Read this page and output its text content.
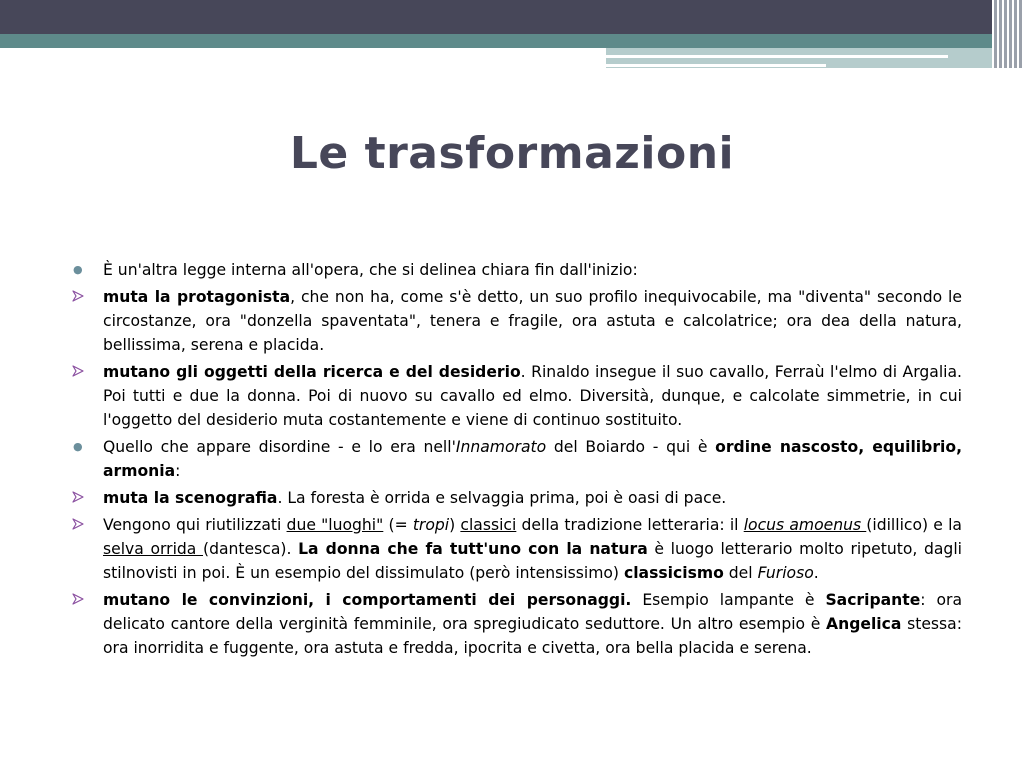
Le trasformazioni
● È un'altra legge interna all'opera, che si delinea chiara fin dall'inizio:
muta la protagonista, che non ha, come s'è detto, un suo profilo inequivocabile, ma "diventa" secondo le circostanze, ora "donzella spaventata", tenera e fragile, ora astuta e calcolatrice; ora dea della natura, bellissima, serena e placida.
mutano gli oggetti della ricerca e del desiderio. Rinaldo insegue il suo cavallo, Ferraù l'elmo di Argalia. Poi tutti e due la donna. Poi di nuovo su cavallo ed elmo. Diversità, dunque, e calcolate simmetrie, in cui l'oggetto del desiderio muta costantemente e viene di continuo sostituito.
● Quello che appare disordine - e lo era nell'Innamorato del Boiardo - qui è ordine nascosto, equilibrio, armonia:
muta la scenografia. La foresta è orrida e selvaggia prima, poi è oasi di pace.
Vengono qui riutilizzati due "luoghi" (= tropi) classici della tradizione letteraria: il locus amoenus (idillico) e la selva orrida (dantesca). La donna che fa tutt'uno con la natura è luogo letterario molto ripetuto, dagli stilnovisti in poi. È un esempio del dissimulato (però intensissimo) classicismo del Furioso.
mutano le convinzioni, i comportamenti dei personaggi. Esempio lampante è Sacripante: ora delicato cantore della verginità femminile, ora spregiudicato seduttore. Un altro esempio è Angelica stessa: ora inorridita e fuggente, ora astuta e fredda, ipocrita e civetta, ora bella placida e serena.
